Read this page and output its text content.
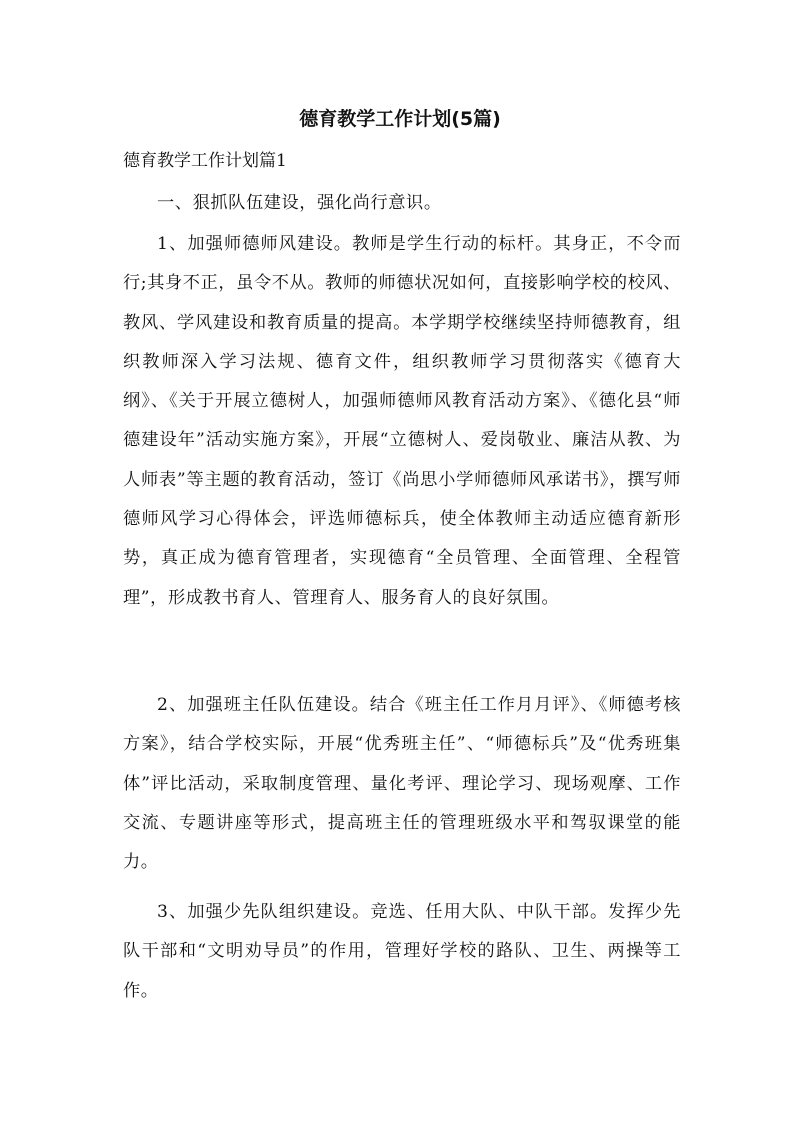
德育教学工作计划(5篇)

德育教学工作计划篇1

一、狠抓队伍建设，强化尚行意识。

1、加强师德师风建设。教师是学生行动的标杆。其身正，不令而行;其身不正，虽令不从。教师的师德状况如何，直接影响学校的校风、教风、学风建设和教育质量的提高。本学期学校继续坚持师德教育，组织教师深入学习法规、德育文件，组织教师学习贯彻落实《德育大纲》、《关于开展立德树人，加强师德师风教育活动方案》、《德化县“师德建设年”活动实施方案》，开展“立德树人、爱岗敬业、廉洁从教、为人师表”等主题的教育活动，签订《尚思小学师德师风承诺书》，撰写师德师风学习心得体会，评选师德标兵，使全体教师主动适应德育新形势，真正成为德育管理者，实现德育“全员管理、全面管理、全程管理”，形成教书育人、管理育人、服务育人的良好氛围。

2、加强班主任队伍建设。结合《班主任工作月月评》、《师德考核方案》，结合学校实际，开展“优秀班主任”、“师德标兵”及“优秀班集体”评比活动，采取制度管理、量化考评、理论学习、现场观摩、工作交流、专题讲座等形式，提高班主任的管理班级水平和驾驭课堂的能力。

3、加强少先队组织建设。竞选、任用大队、中队干部。发挥少先队干部和“文明劝导员”的作用，管理好学校的路队、卫生、两操等工作。
